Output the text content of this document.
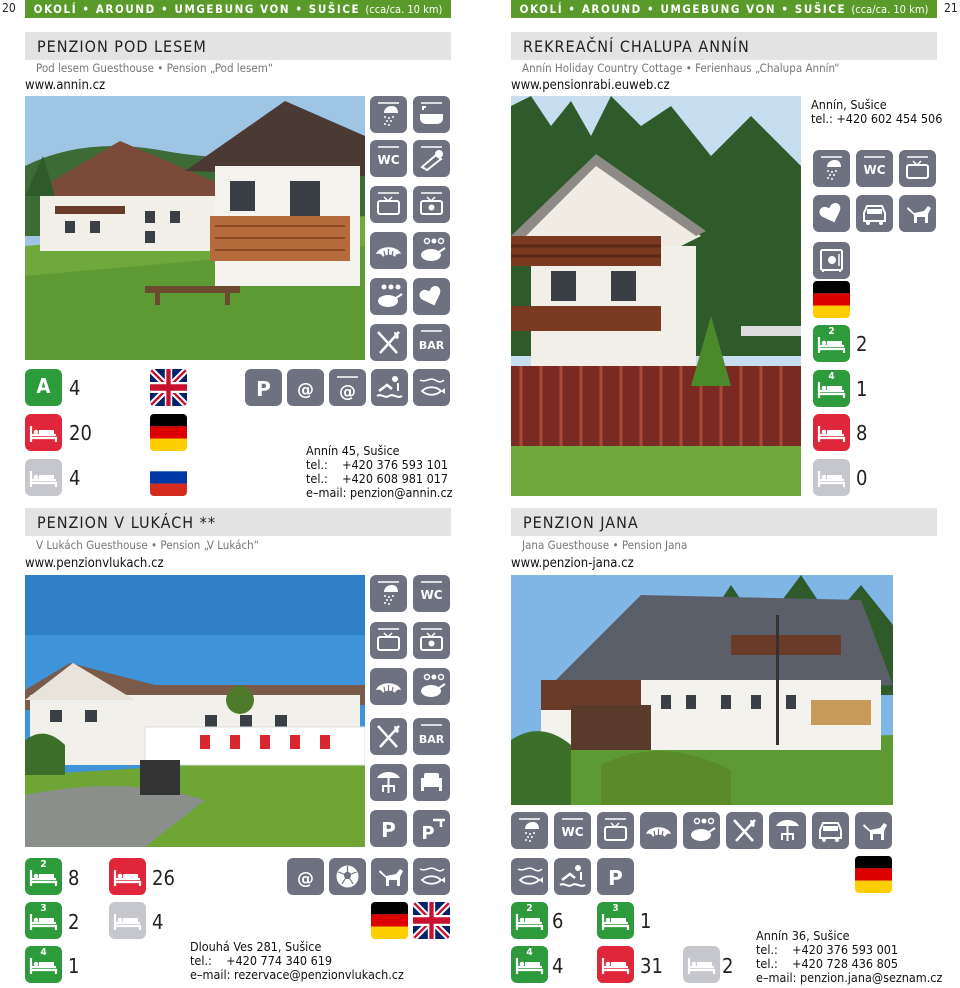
20	OKOLÍ • AROUND • UMGEBUNG VON • SUŠICE (cca/ca. 10 km)
PENZION POD LESEM
Pod lesem Guesthouse • Pension „Pod lesem“
www.annin.cz
A 4
20
4
Annín 45, Sušice
tel.:    +420 376 593 101
tel.:    +420 608 981 017
e–mail: penzion@annin.cz
PENZION V LUKÁCH **
V Lukách Guesthouse • Pension „V Lukách“
www.penzionvlukach.cz
2
8
3
2
4
1
26
4
Dlouhá Ves 281, Sušice
tel.:    +420 774 340 619
e–mail: rezervace@penzionvlukach.cz
21
OKOLÍ • AROUND • UMGEBUNG VON • SUŠICE (cca/ca. 10 km)
REKREAČNÍ CHALUPA ANNÍN
Annín Holiday Country Cottage • Ferienhaus „Chalupa Annín“
www.pensionrabi.euweb.cz
Annín, Sušice
tel.: +420 602 454 506
2
2
4
1
8
0
PENZION JANA
Jana Guesthouse • Pension Jana
www.penzion-jana.cz
2
6
3
1
4
4	31	2
Annín 36, Sušice
tel.:    +420 376 593 001
tel.:    +420 728 436 805
e–mail: penzion.jana@seznam.cz
